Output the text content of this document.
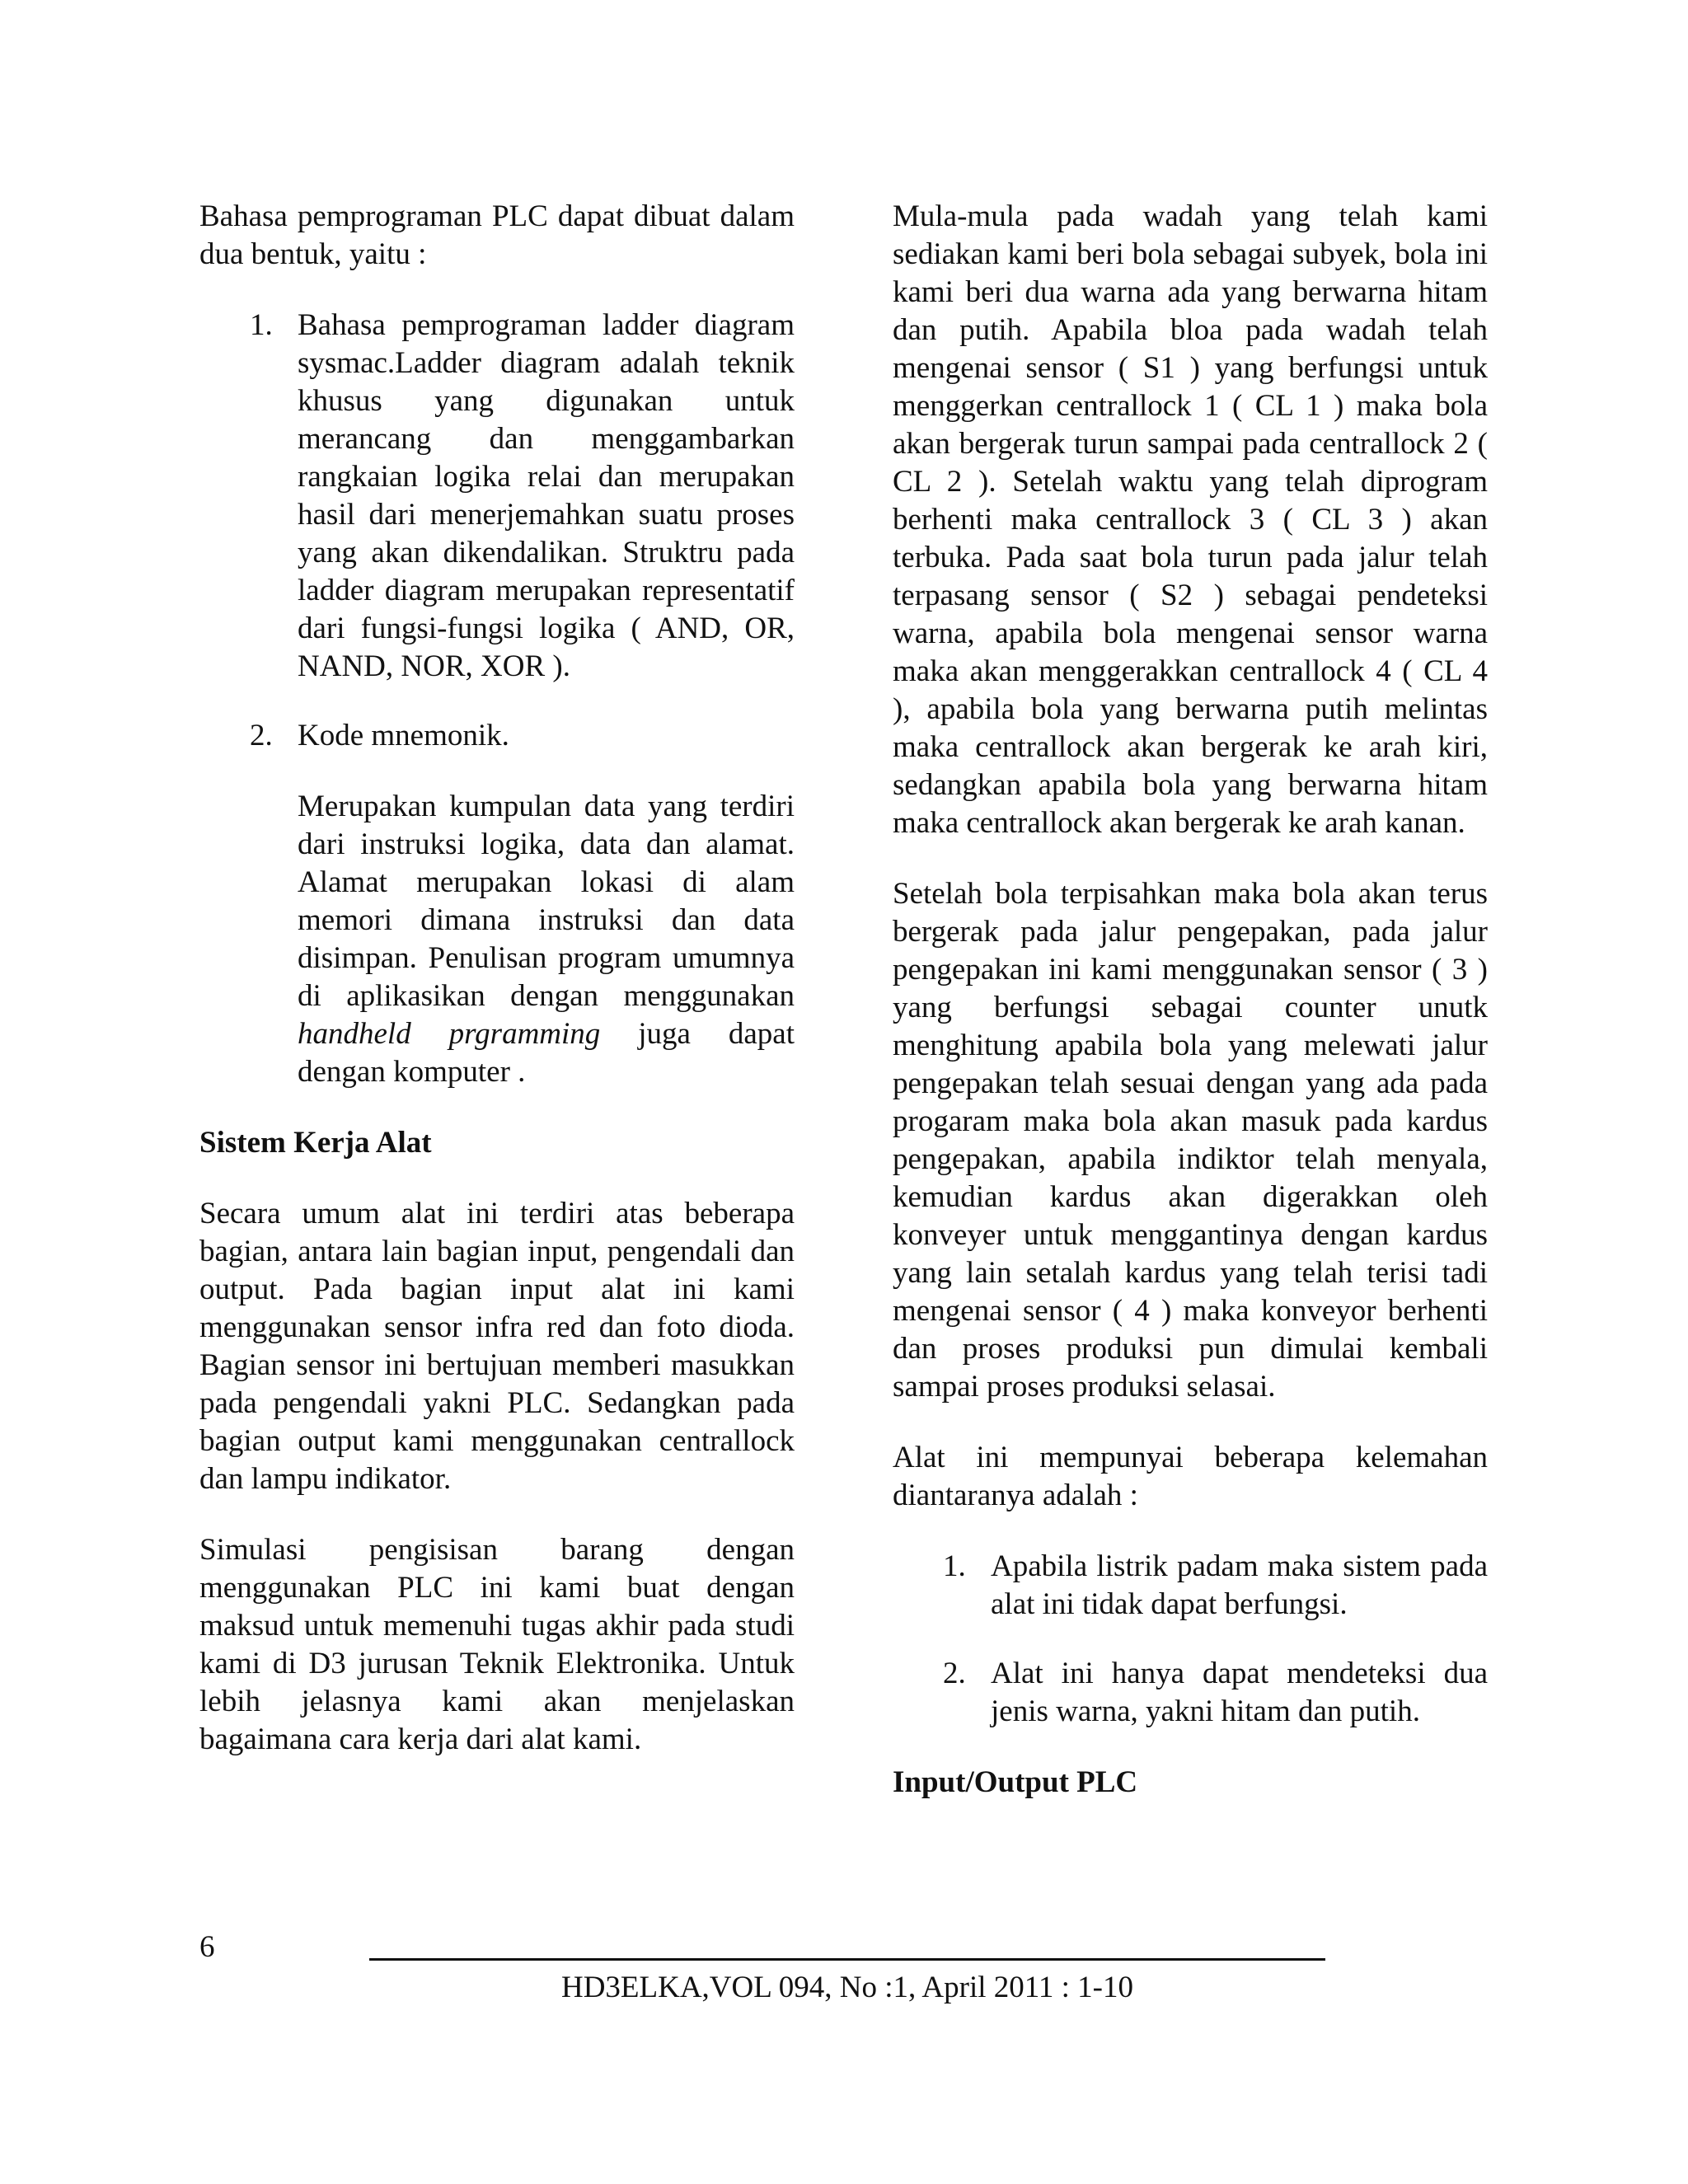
Bahasa pemprograman PLC dapat dibuat dalam dua bentuk, yaitu :

1. Bahasa pemprograman ladder diagram sysmac.Ladder diagram adalah teknik khusus yang digunakan untuk merancang dan menggambarkan rangkaian logika relai dan merupakan hasil dari menerjemahkan suatu proses yang akan dikendalikan. Struktru pada ladder diagram merupakan representatif dari fungsi-fungsi logika ( AND, OR, NAND, NOR, XOR ).
2. Kode mnemonik.

Merupakan kumpulan data yang terdiri dari instruksi logika, data dan alamat. Alamat merupakan lokasi di alam memori dimana instruksi dan data disimpan. Penulisan program umumnya di aplikasikan dengan menggunakan handheld prgramming juga dapat dengan komputer .

Sistem Kerja Alat

Secara umum alat ini terdiri atas beberapa bagian, antara lain bagian input, pengendali dan output. Pada bagian input alat ini kami menggunakan sensor infra red dan foto dioda. Bagian sensor ini bertujuan memberi masukkan pada pengendali yakni PLC. Sedangkan pada bagian output kami menggunakan centrallock dan lampu indikator.

Simulasi pengisisan barang dengan menggunakan PLC ini kami buat dengan maksud untuk memenuhi tugas akhir pada studi kami di D3 jurusan Teknik Elektronika. Untuk lebih jelasnya kami akan menjelaskan bagaimana cara kerja dari alat kami.

Mula-mula pada wadah yang telah kami sediakan kami beri bola sebagai subyek, bola ini kami beri dua warna ada yang berwarna hitam dan putih. Apabila bloa pada wadah telah mengenai sensor ( S1 ) yang berfungsi untuk menggerkan centrallock 1 ( CL 1 ) maka bola akan bergerak turun sampai pada centrallock 2 ( CL 2 ). Setelah waktu yang telah diprogram berhenti maka centrallock 3 ( CL 3 ) akan terbuka. Pada saat bola turun pada jalur telah terpasang sensor ( S2 ) sebagai pendeteksi warna, apabila bola mengenai sensor warna maka akan menggerakkan centrallock 4 ( CL 4 ), apabila bola yang berwarna putih melintas maka centrallock akan bergerak ke arah kiri, sedangkan apabila bola yang berwarna hitam maka centrallock akan bergerak ke arah kanan.

Setelah bola terpisahkan maka bola akan terus bergerak pada jalur pengepakan, pada jalur pengepakan ini kami menggunakan sensor ( 3 ) yang berfungsi sebagai counter unutk menghitung apabila bola yang melewati jalur pengepakan telah sesuai dengan yang ada pada progaram maka bola akan masuk pada kardus pengepakan, apabila indiktor telah menyala, kemudian kardus akan digerakkan oleh konveyer untuk menggantinya dengan kardus yang lain setalah kardus yang telah terisi tadi mengenai sensor ( 4 ) maka konveyor berhenti dan proses produksi pun dimulai kembali sampai proses produksi selasai.

Alat ini mempunyai beberapa kelemahan diantaranya adalah :

1. Apabila listrik padam maka sistem pada alat ini tidak dapat berfungsi.
2. Alat ini hanya dapat mendeteksi dua jenis warna, yakni hitam dan putih.

Input/Output PLC

6
HD3ELKA,VOL 094, No :1, April 2011 : 1-10
